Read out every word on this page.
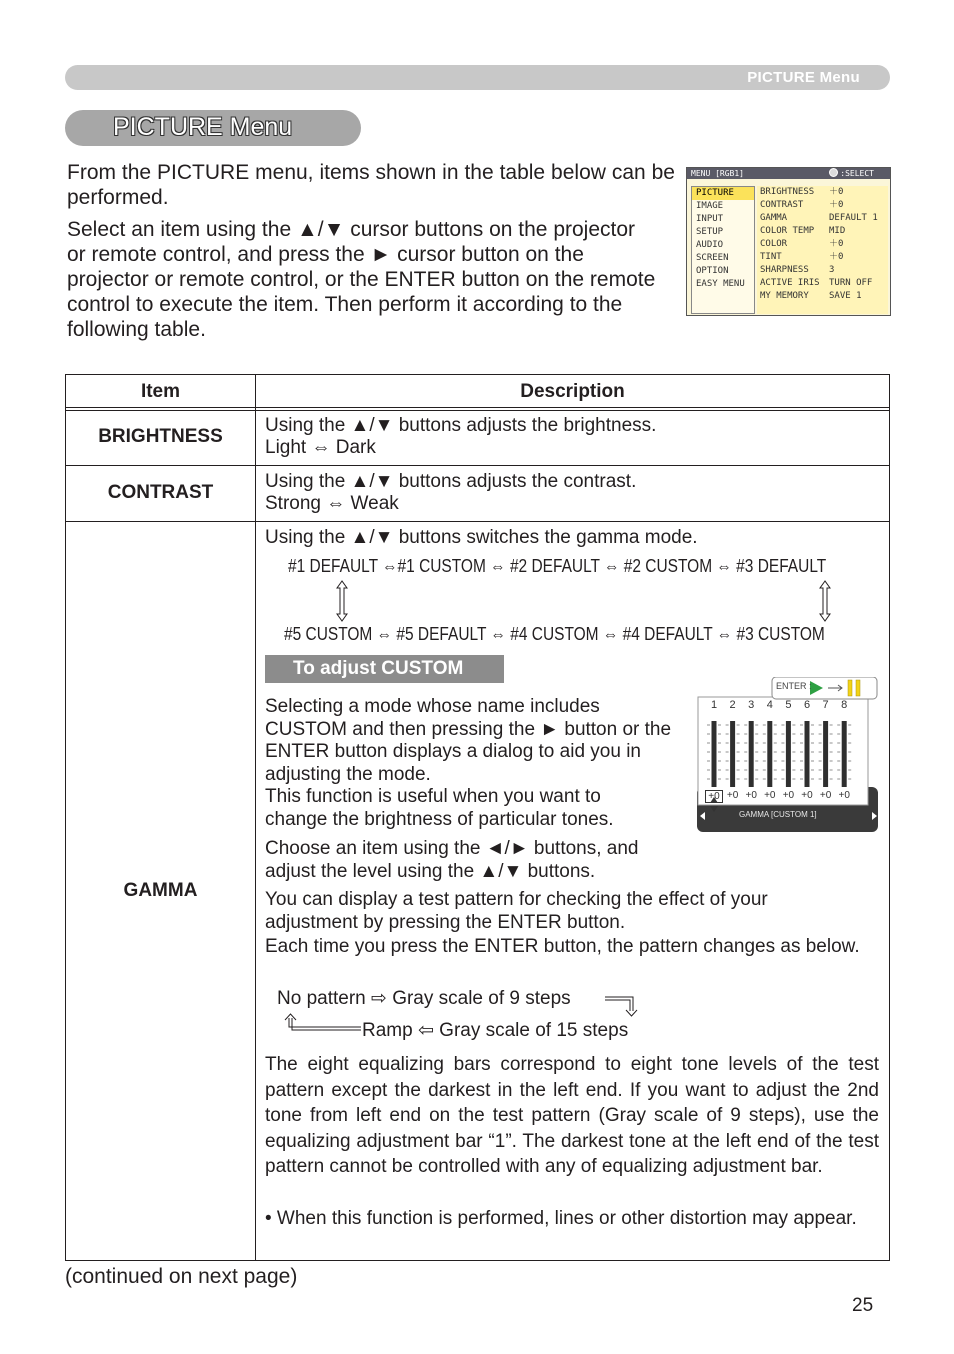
PICTURE Menu
PICTURE Menu

From the PICTURE menu, items shown in the table below can be performed.

Select an item using the ▲/▼ cursor buttons on the projector or remote control, and press the ► cursor button on the projector or remote control, or the ENTER button on the remote control to execute the item. Then perform it according to the following table.

MENU [RGB1]	:SELECT
PICTURE
IMAGE
INPUT
SETUP
AUDIO
SCREEN
OPTION
EASY MENU
BRIGHTNESS ＋0
CONTRAST	＋0
GAMMA	DEFAULT 1
COLOR TEMP MID
COLOR	＋0
TINT	＋0
SHARPNESS 3
ACTIVE IRIS TURN OFF
MY MEMORY SAVE 1
Item	Description
BRIGHTNESS
Using the ▲/▼ buttons adjusts the brightness.
Light ⇔ Dark
CONTRAST
Using the ▲/▼ buttons adjusts the contrast.
Strong ⇔ Weak
GAMMA
Using the ▲/▼ buttons switches the gamma mode.
#1 DEFAULT ⇔#1 CUSTOM ⇔ #2 DEFAULT ⇔ #2 CUSTOM ⇔ #3 DEFAULT
#5 CUSTOM ⇔ #5 DEFAULT ⇔ #4 CUSTOM ⇔ #4 DEFAULT ⇔ #3 CUSTOM
To adjust CUSTOM
Selecting a mode whose name includes CUSTOM and then pressing the ► button or the ENTER button displays a dialog to aid you in adjusting the mode.
This function is useful when you want to change the brightness of particular tones.
Choose an item using the ◄/► buttons, and adjust the level using the ▲/▼ buttons.
You can display a test pattern for checking the effect of your adjustment by pressing the ENTER button.
Each time you press the ENTER button, the pattern changes as below.
No pattern ⇨ Gray scale of 9 steps
Ramp ⇦ Gray scale of 15 steps
The eight equalizing bars correspond to eight tone levels of the test pattern except the darkest in the left end. If you want to adjust the 2nd tone from left end on the test pattern (Gray scale of 9 steps), use the equalizing adjustment bar “1”. The darkest tone at the left end of the test pattern cannot be controlled with any of equalizing adjustment bar.
• When this function is performed, lines or other distortion may appear.
ENTER :
1	2	3	4	5	6	7	8
+0 +0 +0 +0 +0 +0 +0 +0
GAMMA [CUSTOM 1]
(continued on next page)
25
